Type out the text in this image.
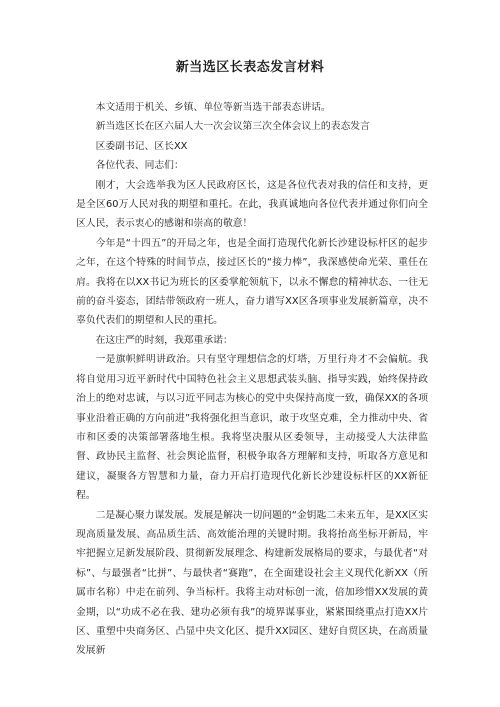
新当选区长表态发言材料

本文适用于机关、乡镇、单位等新当选干部表态讲话。

新当选区长在区六届人大一次会议第三次全体会议上的表态发言

区委副书记、区长XX

各位代表、同志们：

刚才，大会选举我为区人民政府区长，这是各位代表对我的信任和支持，更是全区60万人民对我的期望和重托。在此，我真诚地向各位代表并通过你们向全区人民，表示衷心的感谢和崇高的敬意！

今年是“十四五”的开局之年，也是全面打造现代化新长沙建设标杆区的起步之年，在这个特殊的时间节点，接过区长的“接力棒”，我深感使命光荣、重任在肩。我将在以XX书记为班长的区委掌舵领航下，以永不懈怠的精神状态、一往无前的奋斗姿态，团结带领政府一班人，奋力谱写XX区各项事业发展新篇章，决不辜负代表们的期望和人民的重托。

在这庄严的时刻，我郑重承诺：

一是旗帜鲜明讲政治。只有坚守理想信念的灯塔，万里行舟才不会偏航。我将自觉用习近平新时代中国特色社会主义思想武装头脑、指导实践，始终保持政治上的绝对忠诚，与以习近平同志为核心的党中央保持高度一致，确保XX的各项事业沿着正确的方向前进”我将强化担当意识，敢于攻坚克难，全力推动中央、省市和区委的决策部署落地生根。我将坚决服从区委领导，主动接受人大法律监督、政协民主监督、社会舆论监督，积极争取各方理解和支持，听取各方意见和建议，凝聚各方智慧和力量，奋力开启打造现代化新长沙建设标杆区的XX新征程。

二是凝心聚力谋发展。发展是解决一切问题的“金钥匙二未来五年，是XX区实现高质量发展、高品质生活、高效能治理的关键时期。我将抬高坐标开新局，牢牢把握立足新发展阶段、贯彻新发展理念、构建新发展格局的要求，与最优者“对标”、与最强者“比拼”、与最快者“赛跑”，在全面建设社会主义现代化新XX（所属市名称）中走在前列、争当标杆。我将主动对标创一流，倍加珍惜XX发展的黄金期，以“功成不必在我、建功必须有我”的境界谋事业，紧紧围绕重点打造XX片区、重塑中央商务区、凸显中央文化区、提升XX园区、建好自贸区块，在高质量发展新
